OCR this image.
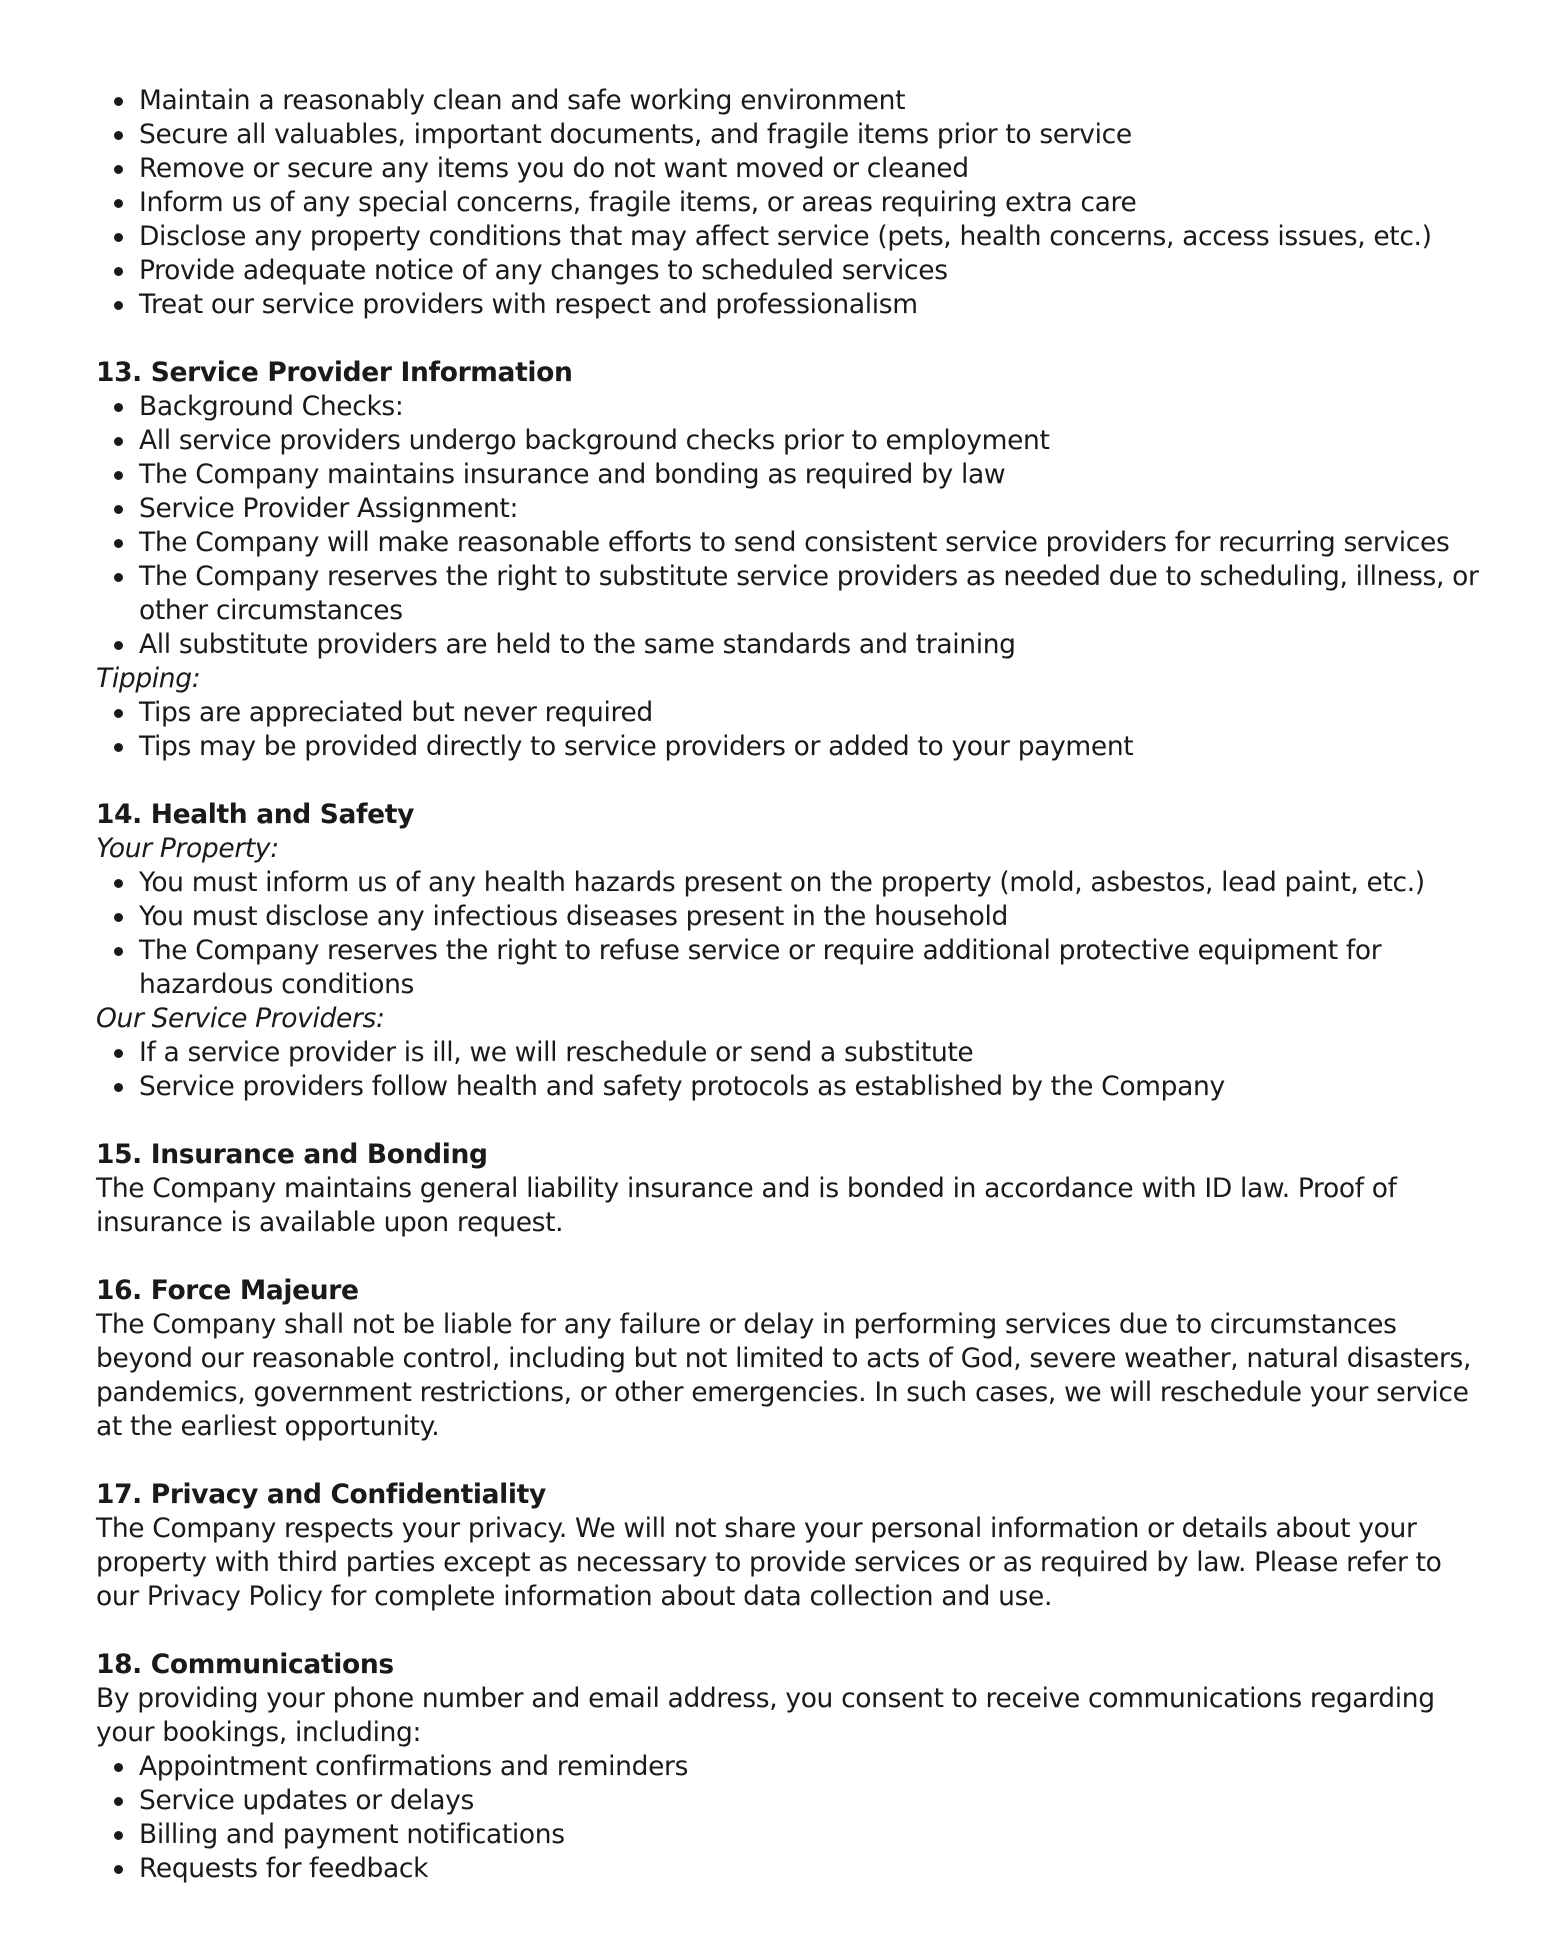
Maintain a reasonably clean and safe working environment
Secure all valuables, important documents, and fragile items prior to service
Remove or secure any items you do not want moved or cleaned
Inform us of any special concerns, fragile items, or areas requiring extra care
Disclose any property conditions that may affect service (pets, health concerns, access issues, etc.)
Provide adequate notice of any changes to scheduled services
Treat our service providers with respect and professionalism

13. Service Provider Information

Background Checks:
All service providers undergo background checks prior to employment
The Company maintains insurance and bonding as required by law
Service Provider Assignment:
The Company will make reasonable efforts to send consistent service providers for recurring services
The Company reserves the right to substitute service providers as needed due to scheduling, illness, or other circumstances
All substitute providers are held to the same standards and training

Tipping:

Tips are appreciated but never required
Tips may be provided directly to service providers or added to your payment

14. Health and Safety

Your Property:

You must inform us of any health hazards present on the property (mold, asbestos, lead paint, etc.)
You must disclose any infectious diseases present in the household
The Company reserves the right to refuse service or require additional protective equipment for hazardous conditions

Our Service Providers:

If a service provider is ill, we will reschedule or send a substitute
Service providers follow health and safety protocols as established by the Company

15. Insurance and Bonding

The Company maintains general liability insurance and is bonded in accordance with ID law. Proof of insurance is available upon request.

16. Force Majeure

The Company shall not be liable for any failure or delay in performing services due to circumstances beyond our reasonable control, including but not limited to acts of God, severe weather, natural disasters, pandemics, government restrictions, or other emergencies. In such cases, we will reschedule your service at the earliest opportunity.

17. Privacy and Confidentiality

The Company respects your privacy. We will not share your personal information or details about your property with third parties except as necessary to provide services or as required by law. Please refer to our Privacy Policy for complete information about data collection and use.

18. Communications

By providing your phone number and email address, you consent to receive communications regarding your bookings, including:

Appointment confirmations and reminders
Service updates or delays
Billing and payment notifications
Requests for feedback
